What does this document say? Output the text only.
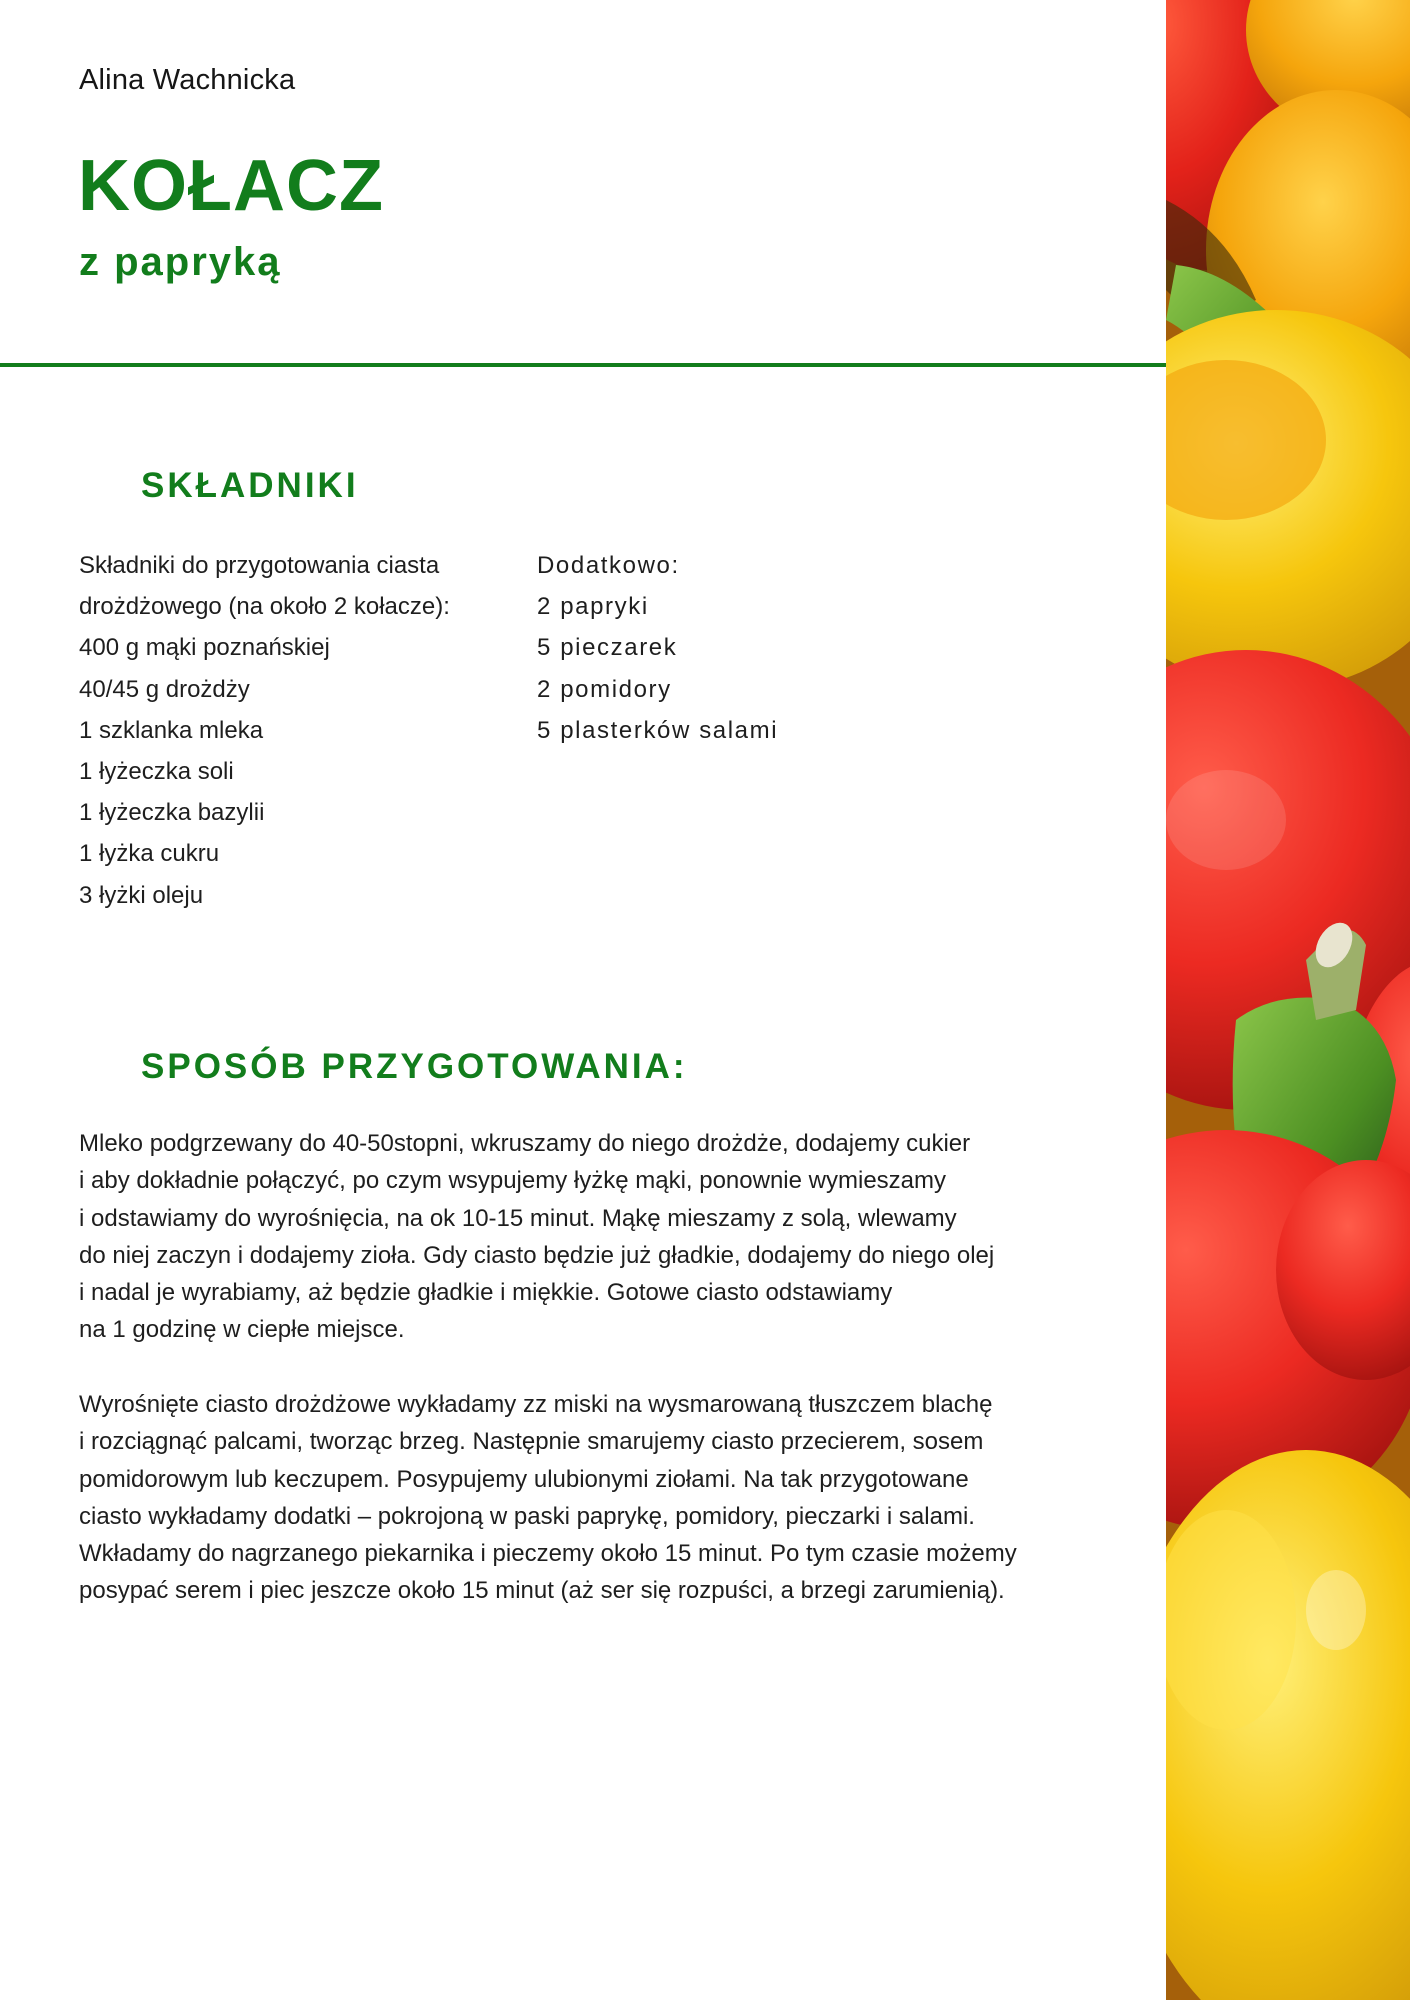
Alina Wachnicka
KOŁACZ
z papryką
SKŁADNIKI
Składniki do przygotowania ciasta
drożdżowego (na około 2 kołacze):
400 g mąki poznańskiej
40/45 g drożdży
1 szklanka mleka
1 łyżeczka soli
1 łyżeczka bazylii
1 łyżka cukru
3 łyżki oleju
Dodatkowo:
2 papryki
5 pieczarek
2 pomidory
5 plasterków salami
SPOSÓB PRZYGOTOWANIA:
Mleko podgrzewany do 40-50stopni, wkruszamy do niego drożdże, dodajemy cukier
i aby dokładnie połączyć, po czym wsypujemy łyżkę mąki, ponownie wymieszamy
i odstawiamy do wyrośnięcia, na ok 10-15 minut. Mąkę mieszamy z solą, wlewamy
do niej zaczyn i dodajemy zioła. Gdy ciasto będzie już gładkie, dodajemy do niego olej
i nadal je wyrabiamy, aż będzie gładkie i miękkie. Gotowe ciasto odstawiamy
na 1 godzinę w ciepłe miejsce.
Wyrośnięte ciasto drożdżowe wykładamy zz miski na wysmarowaną tłuszczem blachę
i rozciągnąć palcami, tworząc brzeg. Następnie smarujemy ciasto przecierem, sosem
pomidorowym lub keczupem. Posypujemy ulubionymi ziołami. Na tak przygotowane
ciasto wykładamy dodatki – pokrojoną w paski paprykę, pomidory, pieczarki i salami.
Wkładamy do nagrzanego piekarnika i pieczemy około 15 minut. Po tym czasie możemy
posypać serem i piec jeszcze około 15 minut (aż ser się rozpuści, a brzegi zarumienią).
